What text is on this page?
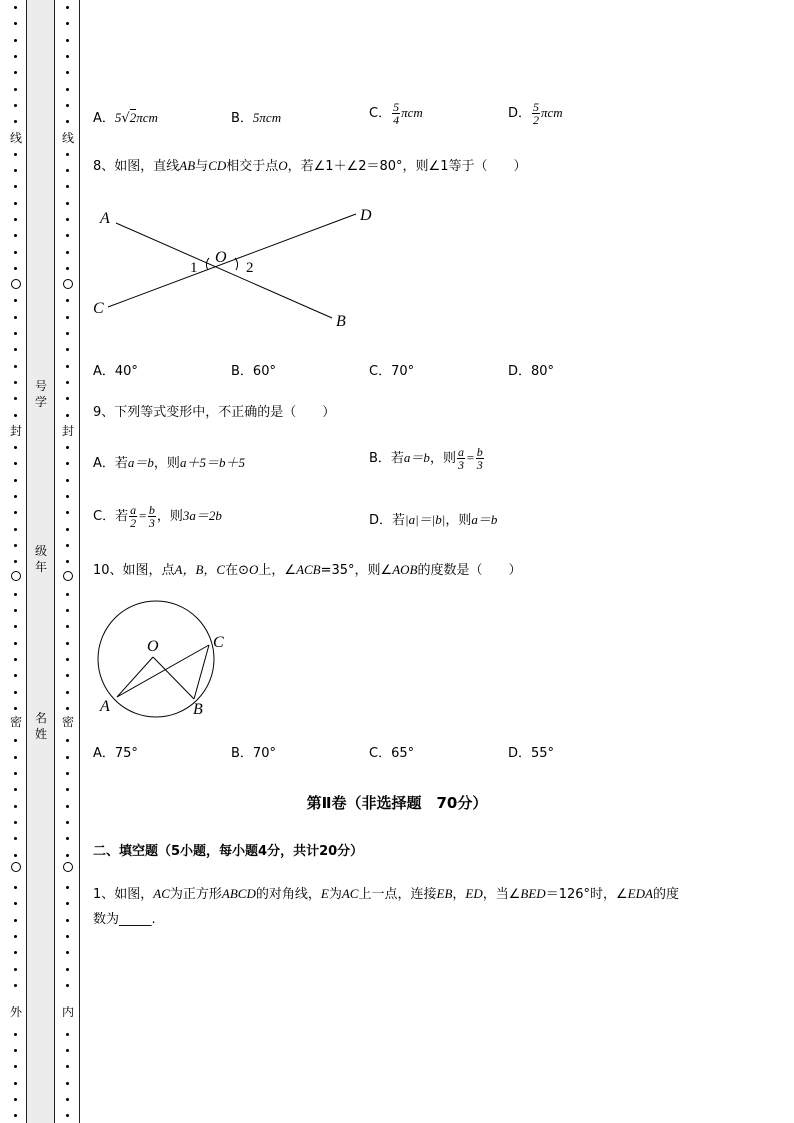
线
封
密
外
线
封
密
内
号学
级年
名姓
A．5√2πcm	B．5πcm	C． $\frac{5}{4}$ πcm	D． $\frac{5}{2}$ πcm
8、如图，直线AB与CD相交于点O，若∠1＋∠2＝80°，则∠1等于（　　）
A	D
O
1	2
C
B
A．40°	B．60°	C．70°	D．80°
9、下列等式变形中，不正确的是（　　）
A．若a＝b，则a＋5＝b＋5	B．若a＝b，则 $\frac{a}{3} = \frac{b}{3}$
C．若 $\frac{a}{2} = \frac{b}{3}$ ，则3a＝2b	D．若|a|＝|b|，则a＝b
10、如图，点A，B，C在⊙O上，∠ACB=35°，则∠AOB的度数是（　　）
O
A	B
C
A．75°	B．70°	C．65°	D．55°
第Ⅱ卷（非选择题　70分）
二、填空题（5小题，每小题4分，共计20分）
1、如图，AC为正方形ABCD的对角线，E为AC上一点，连接EB，ED，当∠BED＝126°时，∠EDA的度
数为_____.
